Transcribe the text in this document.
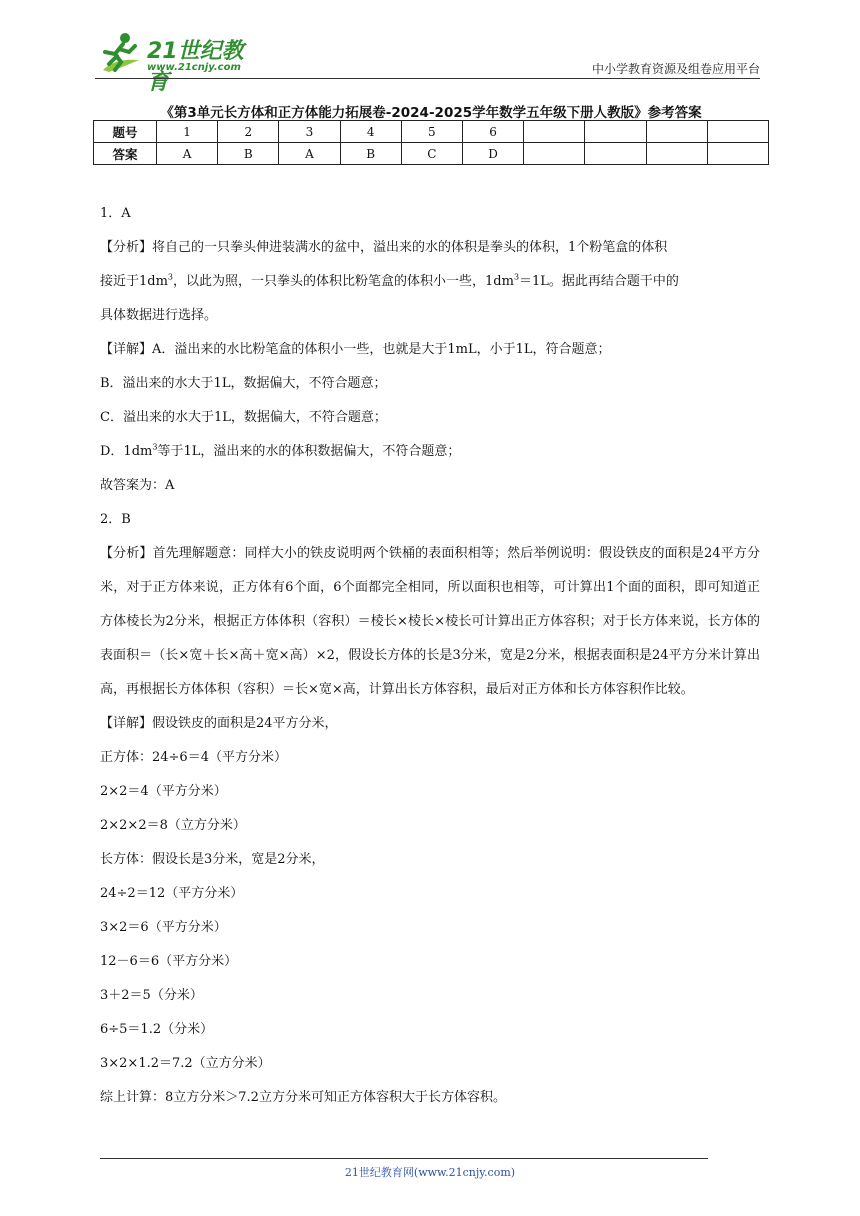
21世纪教育
www.21cnjy.com	中小学教育资源及组卷应用平台
《第3单元长方体和正方体能力拓展卷-2024-2025学年数学五年级下册人教版》参考答案
题号	1	2	3	4	5	6				
答案	A	B	A	B	C	D				
1．A
【分析】将自己的一只拳头伸进装满水的盆中，溢出来的水的体积是拳头的体积，1个粉笔盒的体积
接近于$1dm^3$，以此为照，一只拳头的体积比粉笔盒的体积小一些，$1dm^3=1L$。据此再结合题干中的
具体数据进行选择。
【详解】A．溢出来的水比粉笔盒的体积小一些，也就是大于1mL，小于1L，符合题意；
B．溢出来的水大于1L，数据偏大，不符合题意；
C．溢出来的水大于1L，数据偏大，不符合题意；
D．$1dm^3$等于1L，溢出来的水的体积数据偏大，不符合题意；
故答案为：A
2．B
【分析】首先理解题意：同样大小的铁皮说明两个铁桶的表面积相等；然后举例说明：假设铁皮的面积是24平方分米，对于正方体来说，正方体有6个面，6个面都完全相同，所以面积也相等，可计算出1个面的面积，即可知道正方体棱长为2分米，根据正方体体积（容积）＝棱长×棱长×棱长可计算出正方体容积；对于长方体来说，长方体的表面积＝（长×宽＋长×高＋宽×高）×2，假设长方体的长是3分米，宽是2分米，根据表面积是24平方分米计算出高，再根据长方体体积（容积）＝长×宽×高，计算出长方体容积，最后对正方体和长方体容积作比较。
【详解】假设铁皮的面积是24平方分米，
正方体：24÷6＝4（平方分米）
2×2＝4（平方分米）
2×2×2＝8（立方分米）
长方体：假设长是3分米，宽是2分米，
24÷2＝12（平方分米）
3×2＝6（平方分米）
12－6＝6（平方分米）
3＋2＝5（分米）
6÷5＝1.2（分米）
3×2×1.2＝7.2（立方分米）
综上计算：8立方分米＞7.2立方分米可知正方体容积大于长方体容积。
21世纪教育网(www.21cnjy.com)
